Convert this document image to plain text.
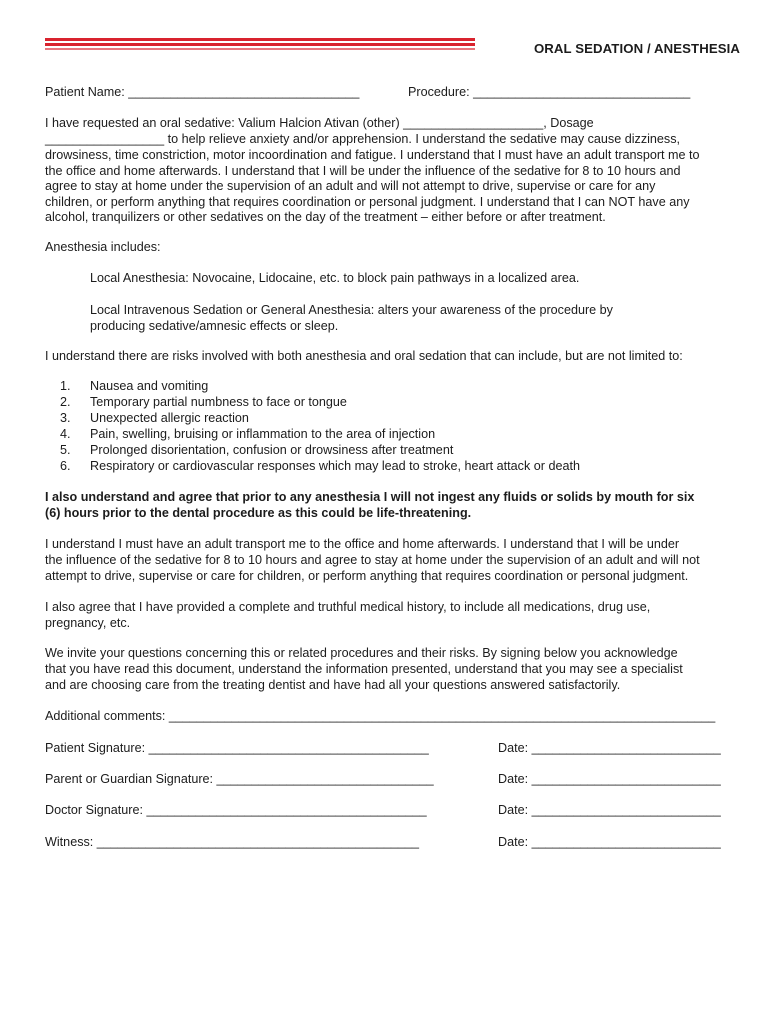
ORAL SEDATION / ANESTHESIA
Patient Name: _________________________________	Procedure: _______________________________
I have requested an oral sedative: Valium Halcion Ativan (other) ____________________, Dosage
_________________ to help relieve anxiety and/or apprehension. I understand the sedative may cause dizziness,
drowsiness, time constriction, motor incoordination and fatigue. I understand that I must have an adult transport me to
the office and home afterwards. I understand that I will be under the influence of the sedative for 8 to 10 hours and
agree to stay at home under the supervision of an adult and will not attempt to drive, supervise or care for any
children, or perform anything that requires coordination or personal judgment. I understand that I can NOT have any
alcohol, tranquilizers or other sedatives on the day of the treatment – either before or after treatment.
Anesthesia includes:
Local Anesthesia: Novocaine, Lidocaine, etc. to block pain pathways in a localized area.
Local Intravenous Sedation or General Anesthesia: alters your awareness of the procedure by
producing sedative/amnesic effects or sleep.
I understand there are risks involved with both anesthesia and oral sedation that can include, but are not limited to:
1. Nausea and vomiting
2. Temporary partial numbness to face or tongue
3. Unexpected allergic reaction
4. Pain, swelling, bruising or inflammation to the area of injection
5. Prolonged disorientation, confusion or drowsiness after treatment
6. Respiratory or cardiovascular responses which may lead to stroke, heart attack or death
I also understand and agree that prior to any anesthesia I will not ingest any fluids or solids by mouth for six
(6) hours prior to the dental procedure as this could be life-threatening.
I understand I must have an adult transport me to the office and home afterwards. I understand that I will be under
the influence of the sedative for 8 to 10 hours and agree to stay at home under the supervision of an adult and will not
attempt to drive, supervise or care for children, or perform anything that requires coordination or personal judgment.
I also agree that I have provided a complete and truthful medical history, to include all medications, drug use,
pregnancy, etc.
We invite your questions concerning this or related procedures and their risks. By signing below you acknowledge
that you have read this document, understand the information presented, understand that you may see a specialist
and are choosing care from the treating dentist and have had all your questions answered satisfactorily.
Additional comments: ______________________________________________________________________________
Patient Signature: ________________________________________	Date: ___________________________
Parent or Guardian Signature: _______________________________	Date: ___________________________
Doctor Signature: ________________________________________	Date: ___________________________
Witness: ______________________________________________	Date: ___________________________
